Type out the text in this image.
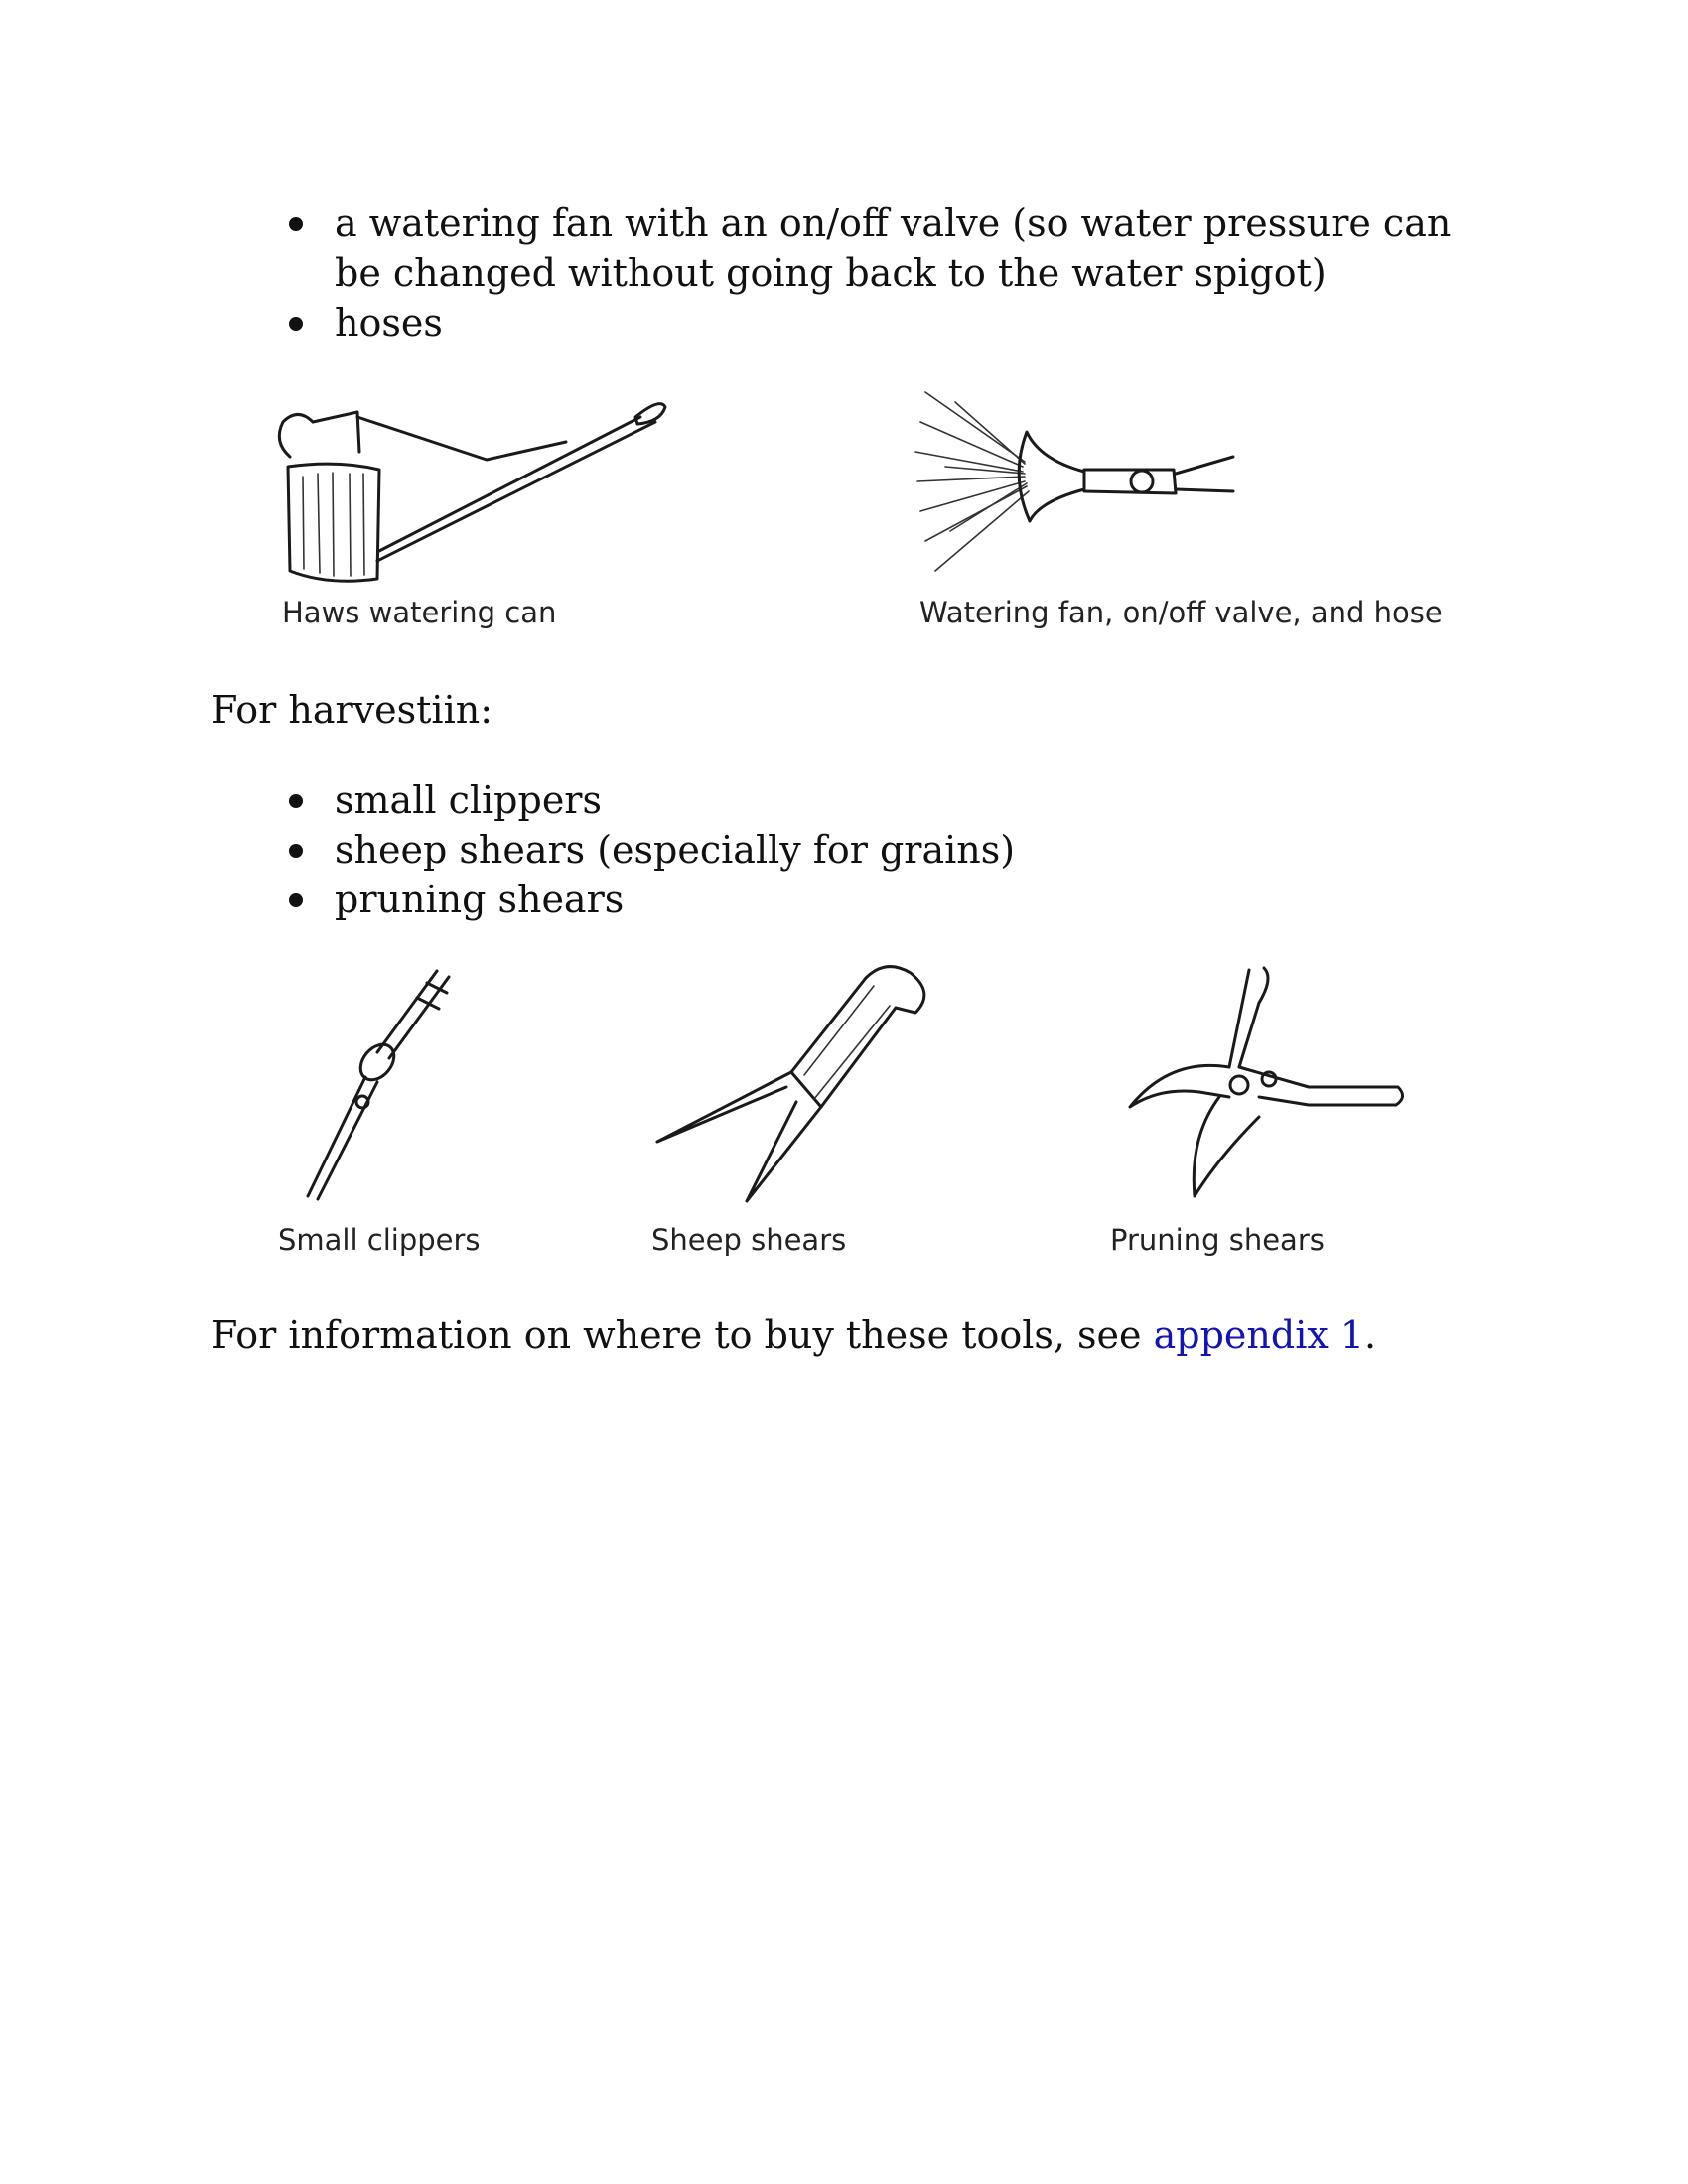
a watering fan with an on/off valve (so water pressure can be changed without going back to the water spigot)
hoses
Haws watering can	Watering fan, on/off valve, and hose

For harvestiin:

small clippers
sheep shears (especially for grains)
pruning shears
Small clippers	Sheep shears	Pruning shears

For information on where to buy these tools, see appendix 1.
